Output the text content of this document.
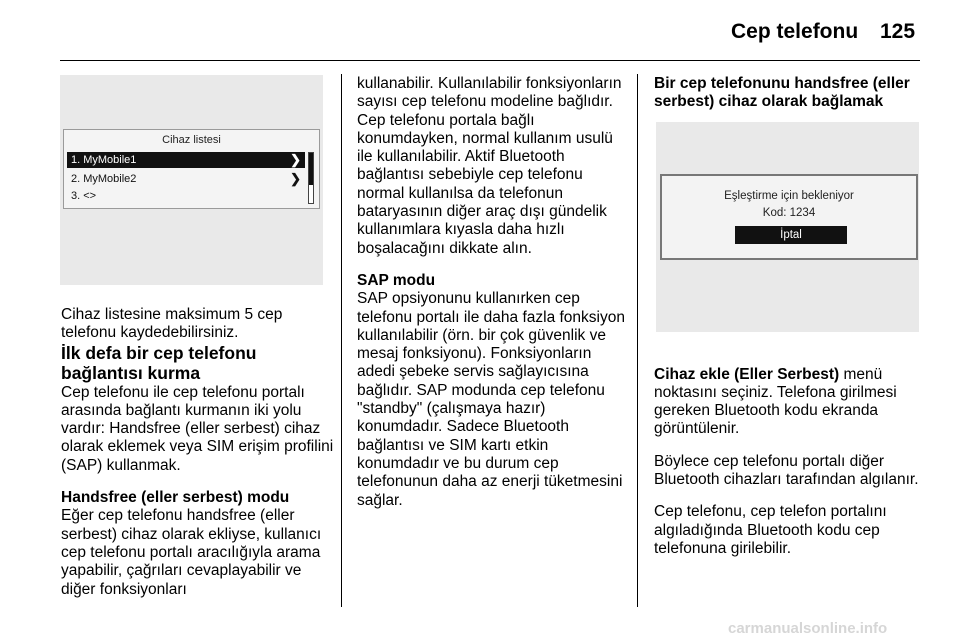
Cep telefonu 125
Cihaz listesi
1. MyMobile1	❯
2. MyMobile2	❯
3. <>

Cihaz listesine maksimum 5 cep telefonu kaydedebilirsiniz.

İlk defa bir cep telefonu bağlantısı kurma

Cep telefonu ile cep telefonu portalı arasında bağlantı kurmanın iki yolu vardır: Handsfree (eller serbest) cihaz olarak eklemek veya SIM erişim profilini (SAP) kullanmak.

Handsfree (eller serbest) modu

Eğer cep telefonu handsfree (eller serbest) cihaz olarak ekliyse, kullanıcı cep telefonu portalı aracılığıyla arama yapabilir, çağrıları cevaplayabilir ve diğer fonksiyonları

kullanabilir. Kullanılabilir fonksiyonların sayısı cep telefonu modeline bağlıdır. Cep telefonu portala bağlı konumdayken, normal kullanım usulü ile kullanılabilir. Aktif Bluetooth bağlantısı sebebiyle cep telefonu normal kullanılsa da telefonun bataryasının diğer araç dışı gündelik kullanımlara kıyasla daha hızlı boşalacağını dikkate alın.

SAP modu

SAP opsiyonunu kullanırken cep telefonu portalı ile daha fazla fonksiyon kullanılabilir (örn. bir çok güvenlik ve mesaj fonksiyonu). Fonksiyonların adedi şebeke servis sağlayıcısına bağlıdır. SAP modunda cep telefonu "standby" (çalışmaya hazır) konumdadır. Sadece Bluetooth bağlantısı ve SIM kartı etkin konumdadır ve bu durum cep telefonunun daha az enerji tüketmesini sağlar.

Bir cep telefonunu handsfree (eller serbest) cihaz olarak bağlamak

Cihaz ekle (Eller Serbest) menü noktasını seçiniz. Telefona girilmesi gereken Bluetooth kodu ekranda görüntülenir.

Böylece cep telefonu portalı diğer Bluetooth cihazları tarafından algılanır.

Cep telefonu, cep telefon portalını algıladığında Bluetooth kodu cep telefonuna girilebilir.

Eşleştirme için bekleniyor
Kod: 1234
İptal
carmanualsonline.info
